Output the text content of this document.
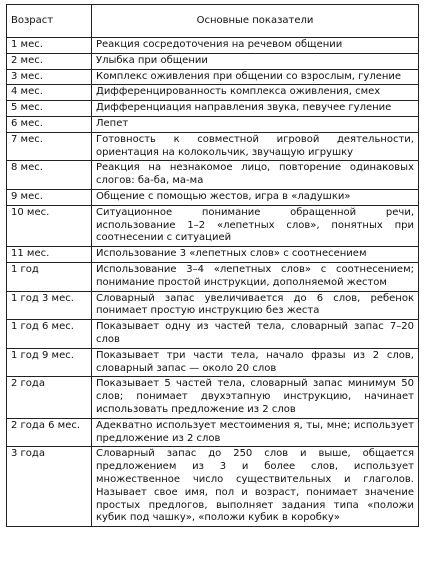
Возраст	Основные показатели
1 мес.	Реакция сосредоточения на речевом общении
2 мес.	Улыбка при общении
3 мес.	Комплекс оживления при общении со взрослым, гуление
4 мес.	Дифференцированность комплекса оживления, смех
5 мес.	Дифференциация направления звука, певучее гуление
6 мес.	Лепет
7 мес.	Готовность к совместной игровой деятельности, ориентация на колокольчик, звучащую игрушку
8 мес.	Реакция на незнакомое лицо, повторение одинаковых слогов: ба-ба, ма-ма
9 мес.	Общение с помощью жестов, игра в «ладушки»
10 мес.	Ситуационное понимание обращенной речи, использование 1–2 «лепетных слов», понятных при соотнесении с ситуацией
11 мес.	Использование 3 «лепетных слов» с соотнесением
1 год	Использование 3–4 «лепетных слов» с соотнесением; понимание простой инструкции, дополняемой жестом
1 год 3 мес.	Словарный запас увеличивается до 6 слов, ребенок понимает простую инструкцию без жеста
1 год 6 мес.	Показывает одну из частей тела, словарный запас 7–20 слов
1 год 9 мес.	Показывает три части тела, начало фразы из 2 слов, словарный запас — около 20 слов
2 года	Показывает 5 частей тела, словарный запас минимум 50 слов; понимает двухэтапную инструкцию, начинает использовать предложение из 2 слов
2 года 6 мес.	Адекватно использует местоимения я, ты, мне; использует предложение из 2 слов
3 года	Словарный запас до 250 слов и выше, общается предложением из 3 и более слов, использует множественное число существительных и глаголов. Называет свое имя, пол и возраст, понимает значение простых предлогов, выполняет задания типа «положи кубик под чашку», «положи кубик в коробку»
